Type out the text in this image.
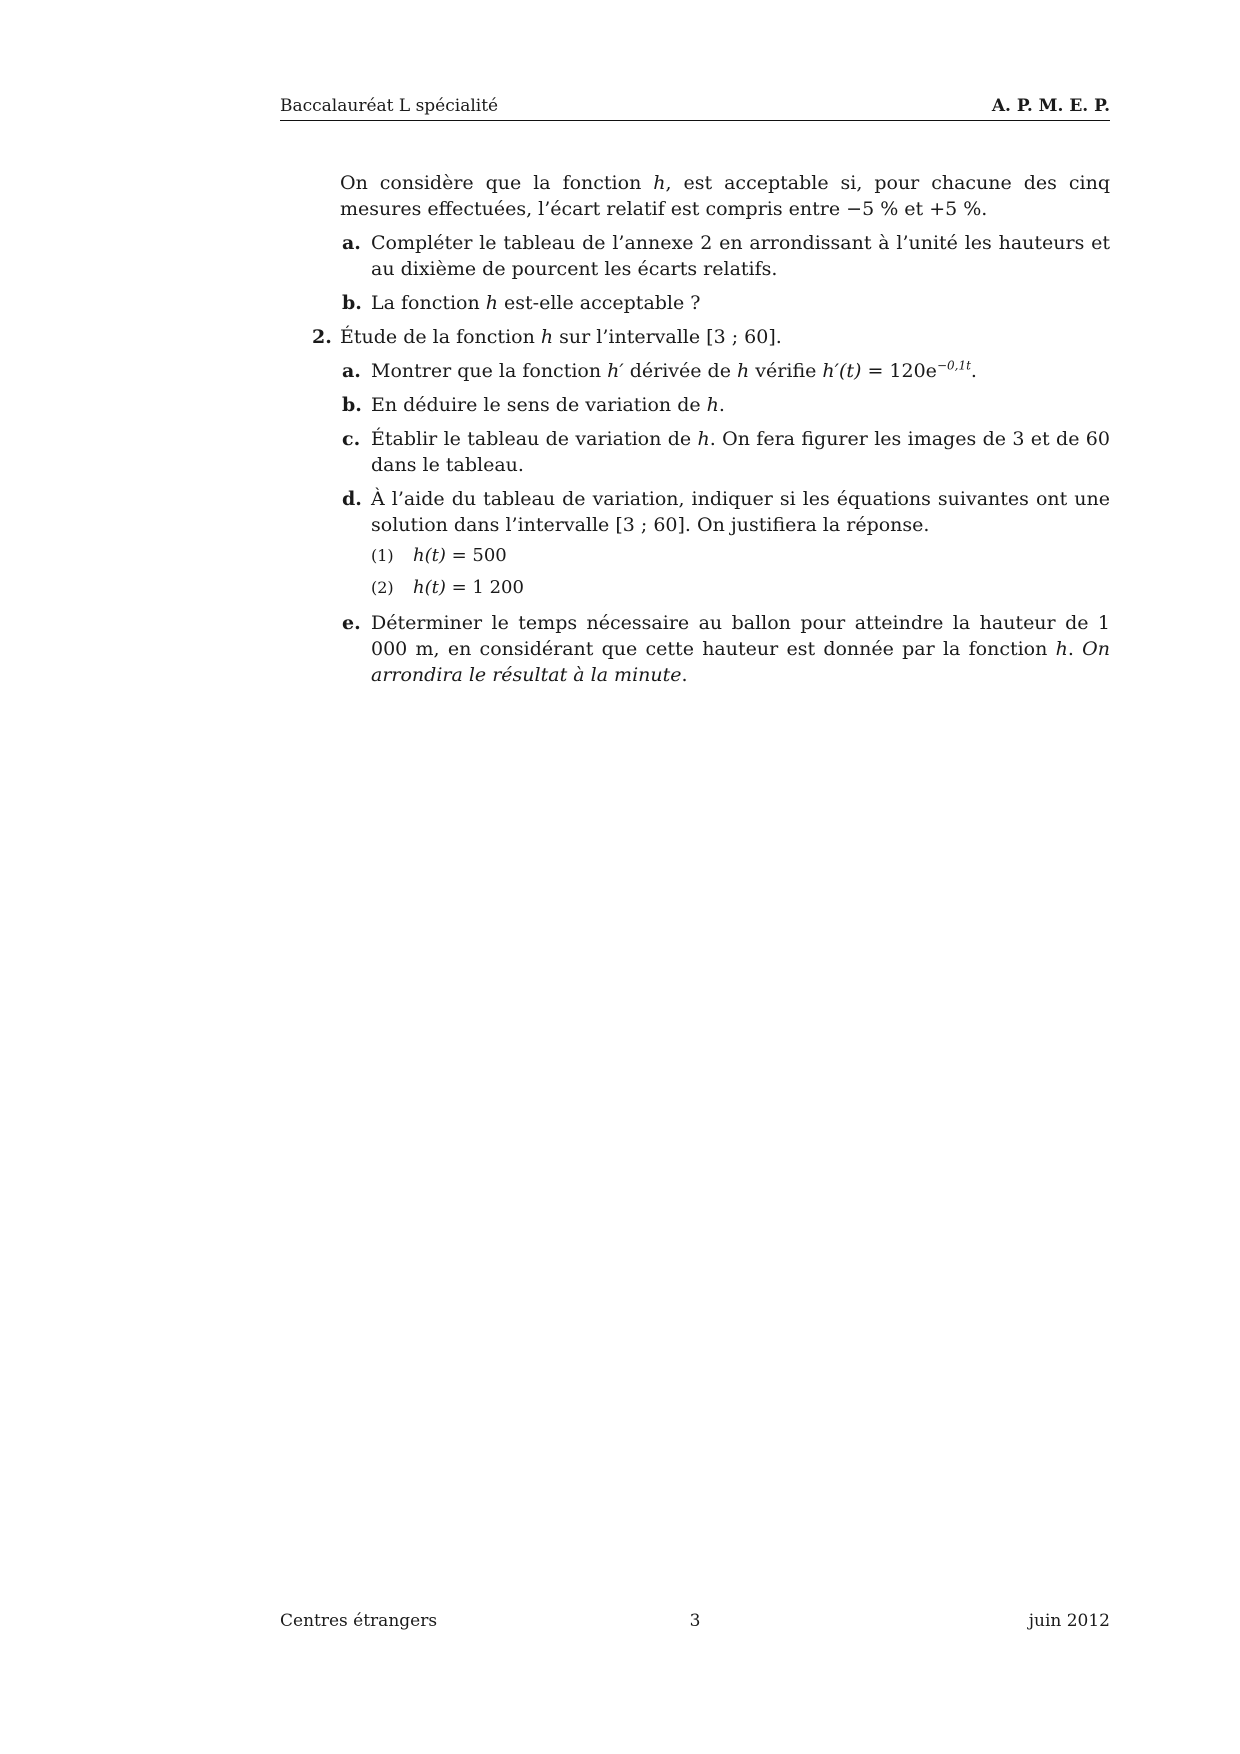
Baccalauréat L spécialité	A. P. M. E. P.
On considère que la fonction h, est acceptable si, pour chacune des cinq mesures effectuées, l’écart relatif est compris entre −5 % et +5 %.
a. Compléter le tableau de l’annexe 2 en arrondissant à l’unité les hauteurs et au dixième de pourcent les écarts relatifs.
b. La fonction h est-elle acceptable ?
2. Étude de la fonction h sur l’intervalle [3 ; 60].
a. Montrer que la fonction h′ dérivée de h vérifie $h'(t) = 120e^{-0,1t}$.
b. En déduire le sens de variation de h.
c. Établir le tableau de variation de h. On fera figurer les images de 3 et de 60 dans le tableau.
d. À l’aide du tableau de variation, indiquer si les équations suivantes ont une solution dans l’intervalle [3 ; 60]. On justifiera la réponse.
(1) h(t) = 500
(2) h(t) = 1 200
e. Déterminer le temps nécessaire au ballon pour atteindre la hauteur de 1 000 m, en considérant que cette hauteur est donnée par la fonction h. On arrondira le résultat à la minute.
Centres étrangers	3	juin 2012
